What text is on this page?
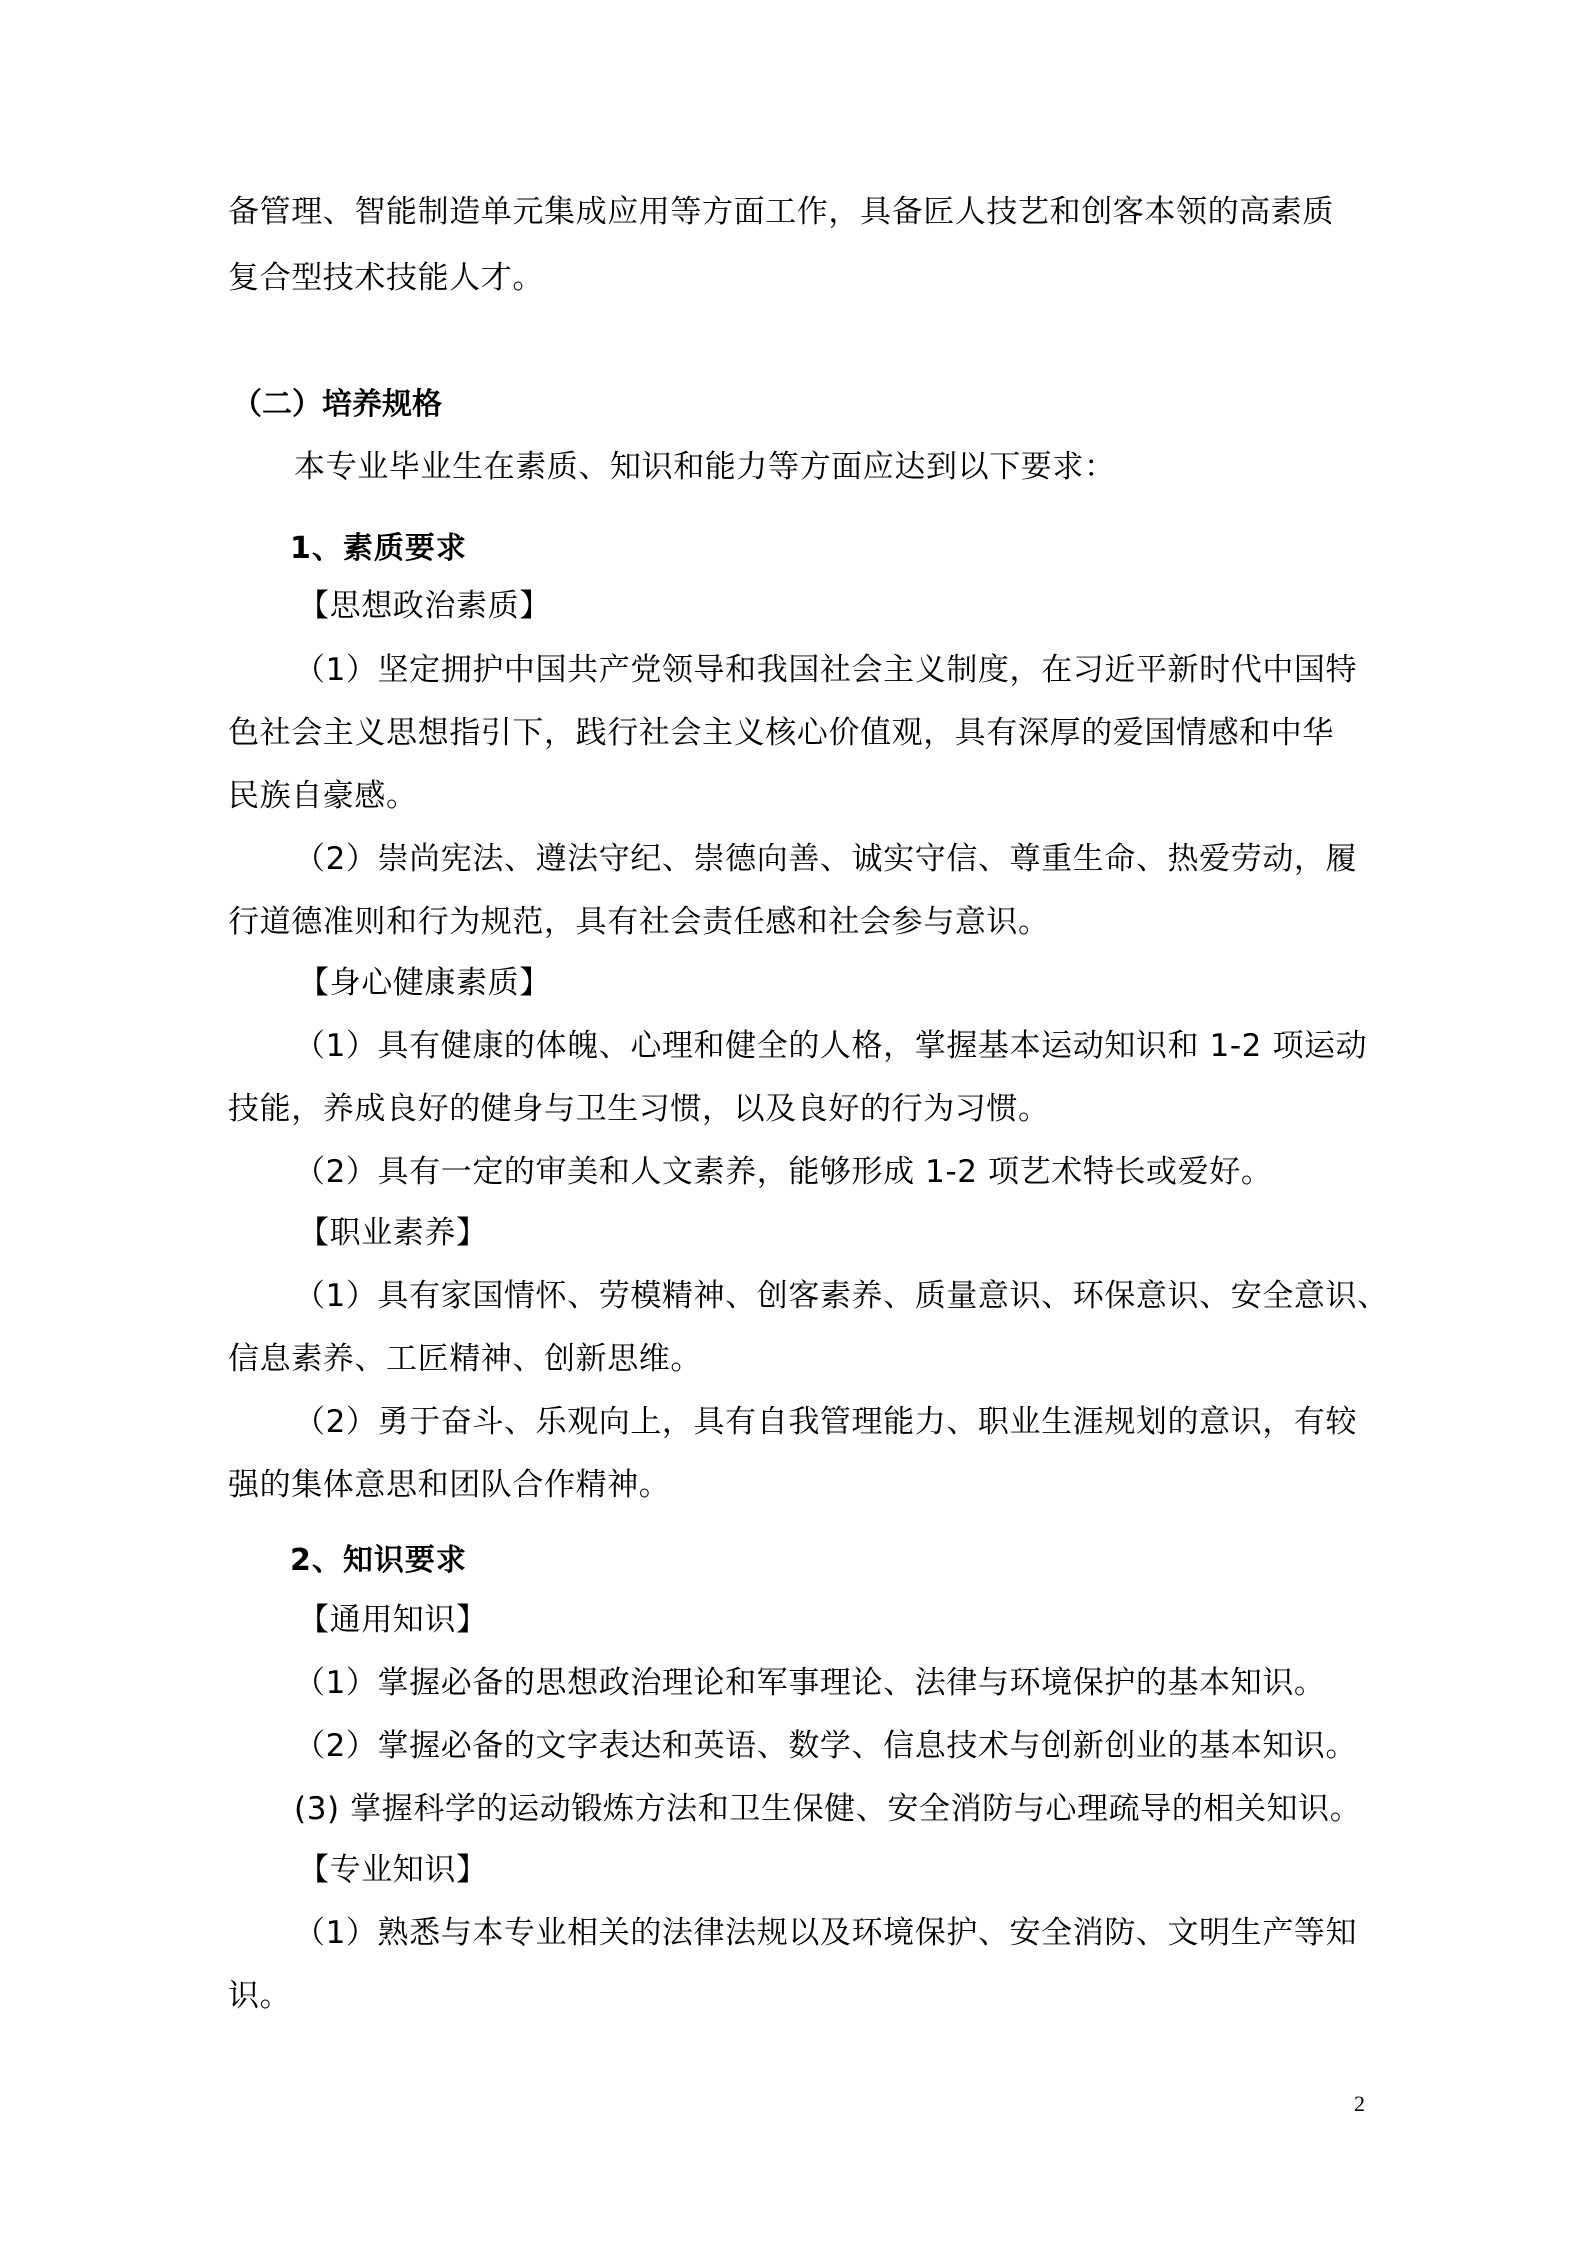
备管理、智能制造单元集成应用等方面工作，具备匠人技艺和创客本领的高素质
复合型技术技能人才。
（二）培养规格
本专业毕业生在素质、知识和能力等方面应达到以下要求：
1、素质要求
【思想政治素质】
（1）坚定拥护中国共产党领导和我国社会主义制度，在习近平新时代中国特
色社会主义思想指引下，践行社会主义核心价值观，具有深厚的爱国情感和中华
民族自豪感。
（2）崇尚宪法、遵法守纪、崇德向善、诚实守信、尊重生命、热爱劳动，履
行道德准则和行为规范，具有社会责任感和社会参与意识。
【身心健康素质】
（1）具有健康的体魄、心理和健全的人格，掌握基本运动知识和 1-2 项运动
技能，养成良好的健身与卫生习惯，以及良好的行为习惯。
（2）具有一定的审美和人文素养，能够形成 1-2 项艺术特长或爱好。
【职业素养】
（1）具有家国情怀、劳模精神、创客素养、质量意识、环保意识、安全意识、
信息素养、工匠精神、创新思维。
（2）勇于奋斗、乐观向上，具有自我管理能力、职业生涯规划的意识，有较
强的集体意思和团队合作精神。
2、知识要求
【通用知识】
（1）掌握必备的思想政治理论和军事理论、法律与环境保护的基本知识。
（2）掌握必备的文字表达和英语、数学、信息技术与创新创业的基本知识。
(3) 掌握科学的运动锻炼方法和卫生保健、安全消防与心理疏导的相关知识。
【专业知识】
（1）熟悉与本专业相关的法律法规以及环境保护、安全消防、文明生产等知
识。
2
